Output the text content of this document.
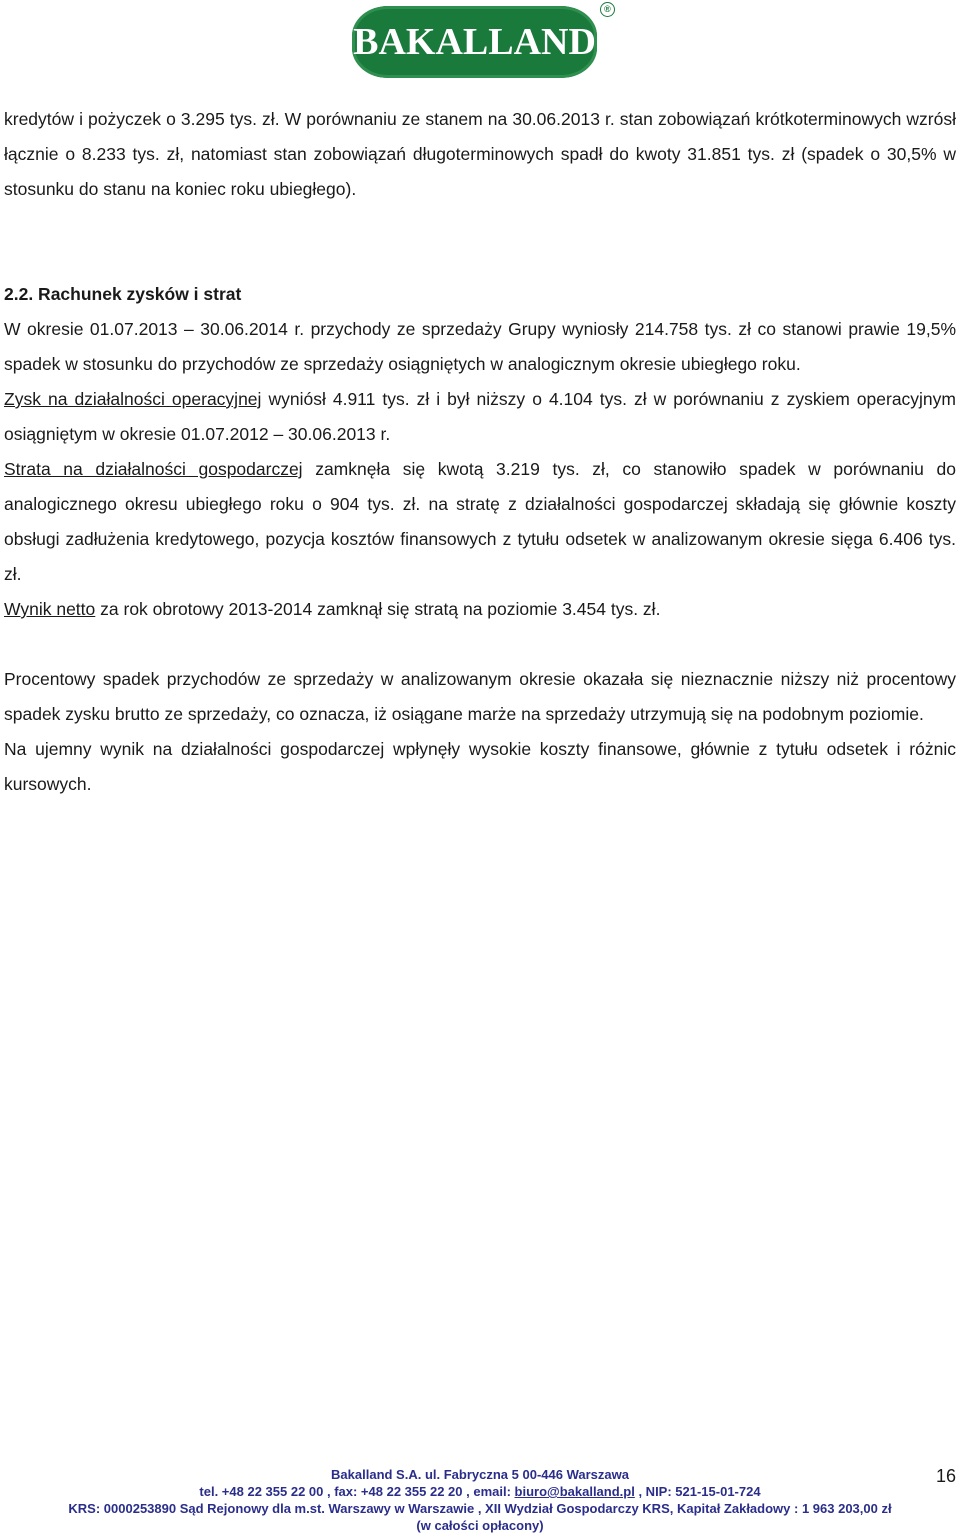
BAKALLAND
®

kredytów i pożyczek o 3.295 tys. zł. W porównaniu ze stanem na 30.06.2013 r. stan zobowiązań krótkoterminowych wzrósł łącznie o 8.233 tys. zł, natomiast stan zobowiązań długoterminowych spadł do kwoty 31.851 tys. zł (spadek o 30,5% w stosunku do stanu na koniec roku ubiegłego).

2.2. Rachunek zysków i strat

W okresie 01.07.2013 – 30.06.2014 r. przychody ze sprzedaży Grupy wyniosły 214.758 tys. zł co stanowi prawie 19,5% spadek w stosunku do przychodów ze sprzedaży osiągniętych w analogicznym okresie ubiegłego roku.

Zysk na działalności operacyjnej wyniósł 4.911 tys. zł i był niższy o 4.104 tys. zł w porównaniu z zyskiem operacyjnym osiągniętym w okresie 01.07.2012 – 30.06.2013 r.

Strata na działalności gospodarczej zamknęła się kwotą 3.219 tys. zł, co stanowiło spadek w porównaniu do analogicznego okresu ubiegłego roku o 904 tys. zł. na stratę z działalności gospodarczej składają się głównie koszty obsługi zadłużenia kredytowego, pozycja kosztów finansowych z tytułu odsetek w analizowanym okresie sięga 6.406 tys. zł.

Wynik netto za rok obrotowy 2013-2014 zamknął się stratą na poziomie 3.454 tys. zł.

Procentowy spadek przychodów ze sprzedaży w analizowanym okresie okazała się nieznacznie niższy niż procentowy spadek zysku brutto ze sprzedaży, co oznacza, iż osiągane marże na sprzedaży utrzymują się na podobnym poziomie.

Na ujemny wynik na działalności gospodarczej wpłynęły wysokie koszty finansowe, głównie z tytułu odsetek i różnic kursowych.

Bakalland S.A. ul. Fabryczna 5 00-446 Warszawa
tel. +48 22 355 22 00 , fax: +48 22 355 22 20 , email: biuro@bakalland.pl , NIP: 521-15-01-724
KRS: 0000253890 Sąd Rejonowy dla m.st. Warszawy w Warszawie , XII Wydział Gospodarczy KRS, Kapitał Zakładowy : 1 963 203,00 zł
(w całości opłacony)
16
